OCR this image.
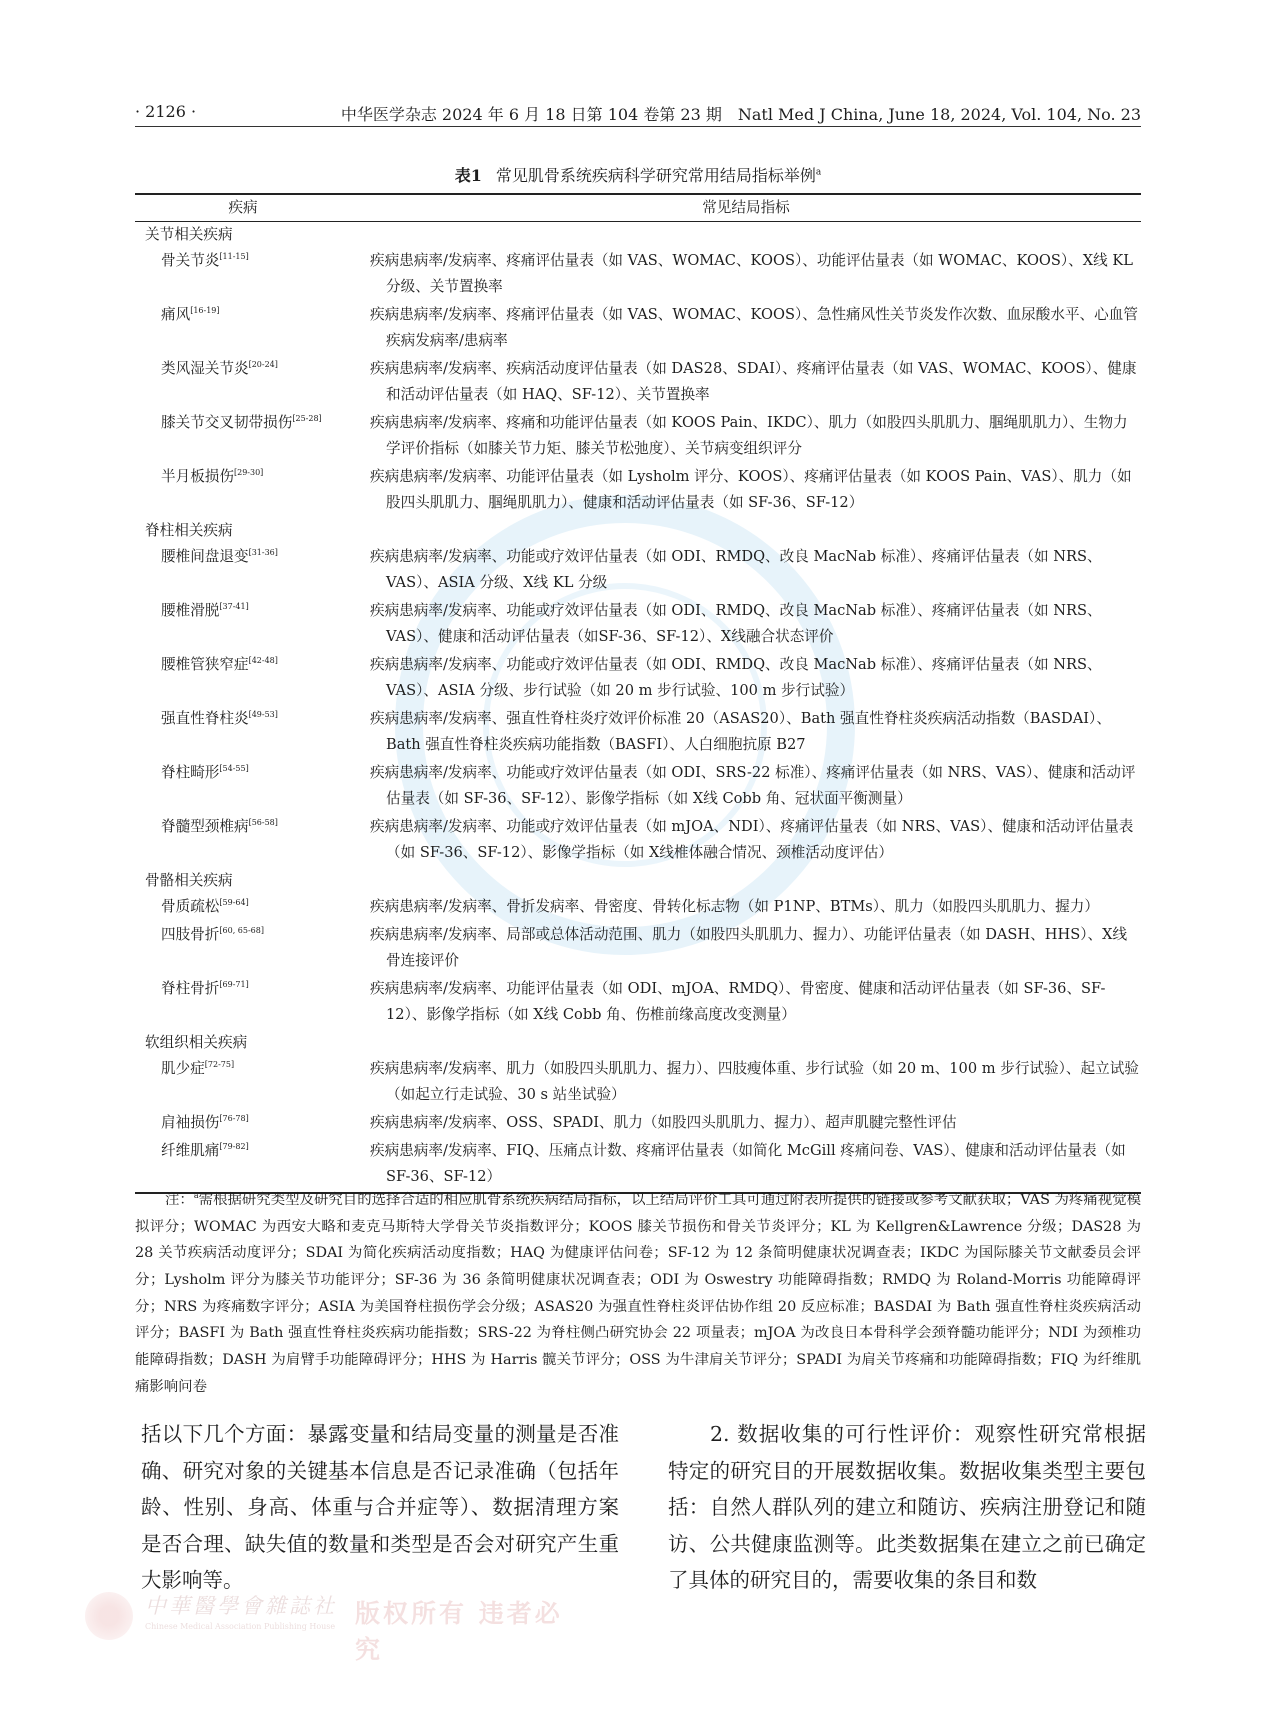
· 2126 ·	中华医学杂志 2024 年 6 月 18 日第 104 卷第 23 期　Natl Med J China, June 18, 2024, Vol. 104, No. 23
表1 常见肌骨系统疾病科学研究常用结局指标举例$^a$
疾病	常见结局指标
关节相关疾病	
骨关节炎[11-15]	疾病患病率/发病率、疼痛评估量表（如 VAS、WOMAC、KOOS）、功能评估量表（如 WOMAC、KOOS）、X线 KL 分级、关节置换率

痛风[16-19]	疾病患病率/发病率、疼痛评估量表（如 VAS、WOMAC、KOOS）、急性痛风性关节炎发作次数、血尿酸水平、心血管疾病发病率/患病率

类风湿关节炎[20-24]	疾病患病率/发病率、疾病活动度评估量表（如 DAS28、SDAI）、疼痛评估量表（如 VAS、WOMAC、KOOS）、健康和活动评估量表（如 HAQ、SF-12）、关节置换率

膝关节交叉韧带损伤[25-28]	疾病患病率/发病率、疼痛和功能评估量表（如 KOOS Pain、IKDC）、肌力（如股四头肌肌力、腘绳肌肌力）、生物力学评价指标（如膝关节力矩、膝关节松弛度）、关节病变组织评分

半月板损伤[29-30]	疾病患病率/发病率、功能评估量表（如 Lysholm 评分、KOOS）、疼痛评估量表（如 KOOS Pain、VAS）、肌力（如股四头肌肌力、腘绳肌肌力）、健康和活动评估量表（如 SF-36、SF-12）

脊柱相关疾病	
腰椎间盘退变[31-36]	疾病患病率/发病率、功能或疗效评估量表（如 ODI、RMDQ、改良 MacNab 标准）、疼痛评估量表（如 NRS、VAS）、ASIA 分级、X线 KL 分级

腰椎滑脱[37-41]	疾病患病率/发病率、功能或疗效评估量表（如 ODI、RMDQ、改良 MacNab 标准）、疼痛评估量表（如 NRS、VAS）、健康和活动评估量表（如SF-36、SF-12）、X线融合状态评价

腰椎管狭窄症[42-48]	疾病患病率/发病率、功能或疗效评估量表（如 ODI、RMDQ、改良 MacNab 标准）、疼痛评估量表（如 NRS、VAS）、ASIA 分级、步行试验（如 20 m 步行试验、100 m 步行试验）

强直性脊柱炎[49-53]	疾病患病率/发病率、强直性脊柱炎疗效评价标准 20（ASAS20）、Bath 强直性脊柱炎疾病活动指数（BASDAI）、Bath 强直性脊柱炎疾病功能指数（BASFI）、人白细胞抗原 B27

脊柱畸形[54-55]	疾病患病率/发病率、功能或疗效评估量表（如 ODI、SRS-22 标准）、疼痛评估量表（如 NRS、VAS）、健康和活动评估量表（如 SF-36、SF-12）、影像学指标（如 X线 Cobb 角、冠状面平衡测量）

脊髓型颈椎病[56-58]	疾病患病率/发病率、功能或疗效评估量表（如 mJOA、NDI）、疼痛评估量表（如 NRS、VAS）、健康和活动评估量表（如 SF-36、SF-12）、影像学指标（如 X线椎体融合情况、颈椎活动度评估）

骨骼相关疾病	
骨质疏松[59-64]	疾病患病率/发病率、骨折发病率、骨密度、骨转化标志物（如 P1NP、BTMs）、肌力（如股四头肌肌力、握力）

四肢骨折[60, 65-68]	疾病患病率/发病率、局部或总体活动范围、肌力（如股四头肌肌力、握力）、功能评估量表（如 DASH、HHS）、X线骨连接评价

脊柱骨折[69-71]	疾病患病率/发病率、功能评估量表（如 ODI、mJOA、RMDQ）、骨密度、健康和活动评估量表（如 SF-36、SF-12）、影像学指标（如 X线 Cobb 角、伤椎前缘高度改变测量）

软组织相关疾病	
肌少症[72-75]	疾病患病率/发病率、肌力（如股四头肌肌力、握力）、四肢瘦体重、步行试验（如 20 m、100 m 步行试验）、起立试验（如起立行走试验、30 s 站坐试验）

肩袖损伤[76-78]	疾病患病率/发病率、OSS、SPADI、肌力（如股四头肌肌力、握力）、超声肌腱完整性评估

纤维肌痛[79-82]	疾病患病率/发病率、FIQ、压痛点计数、疼痛评估量表（如简化 McGill 疼痛问卷、VAS）、健康和活动评估量表（如 SF-36、SF-12）
注：$^a$需根据研究类型及研究目的选择合适的相应肌骨系统疾病结局指标，以上结局评价工具可通过附表所提供的链接或参考文献获取；VAS 为疼痛视觉模拟评分；WOMAC 为西安大略和麦克马斯特大学骨关节炎指数评分；KOOS 膝关节损伤和骨关节炎评分；KL 为 Kellgren&Lawrence 分级；DAS28 为 28 关节疾病活动度评分；SDAI 为简化疾病活动度指数；HAQ 为健康评估问卷；SF-12 为 12 条简明健康状况调查表；IKDC 为国际膝关节文献委员会评分；Lysholm 评分为膝关节功能评分；SF-36 为 36 条简明健康状况调查表；ODI 为 Oswestry 功能障碍指数；RMDQ 为 Roland-Morris 功能障碍评分；NRS 为疼痛数字评分；ASIA 为美国脊柱损伤学会分级；ASAS20 为强直性脊柱炎评估协作组 20 反应标准；BASDAI 为 Bath 强直性脊柱炎疾病活动评分；BASFI 为 Bath 强直性脊柱炎疾病功能指数；SRS-22 为脊柱侧凸研究协会 22 项量表；mJOA 为改良日本骨科学会颈脊髓功能评分；NDI 为颈椎功能障碍指数；DASH 为肩臂手功能障碍评分；HHS 为 Harris 髋关节评分；OSS 为牛津肩关节评分；SPADI 为肩关节疼痛和功能障碍指数；FIQ 为纤维肌痛影响问卷
括以下几个方面：暴露变量和结局变量的测量是否准确、研究对象的关键基本信息是否记录准确（包括年龄、性别、身高、体重与合并症等）、数据清理方案是否合理、缺失值的数量和类型是否会对研究产生重大影响等。
2. 数据收集的可行性评价：观察性研究常根据特定的研究目的开展数据收集。数据收集类型主要包括：自然人群队列的建立和随访、疾病注册登记和随访、公共健康监测等。此类数据集在建立之前已确定了具体的研究目的，需要收集的条目和数
中華醫學會雜誌社
Chinese Medical Association Publishing House 版权所有 违者必究
